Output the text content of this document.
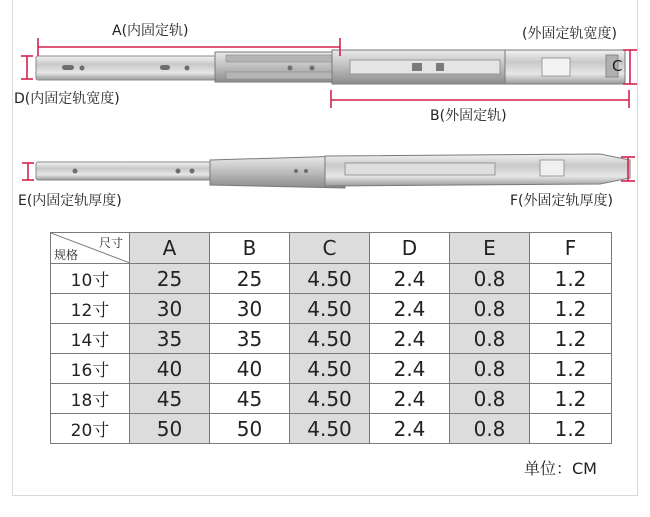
A(内固定轨)	(外固定轨宽度)
C
D(内固定轨宽度)
B(外固定轨)
E(内固定轨厚度)	F(外固定轨厚度)
尺寸
规格	A	B	C	D	E	F
10寸	25	25	4.50	2.4	0.8	1.2
12寸	30	30	4.50	2.4	0.8	1.2
14寸	35	35	4.50	2.4	0.8	1.2
16寸	40	40	4.50	2.4	0.8	1.2
18寸	45	45	4.50	2.4	0.8	1.2
20寸	50	50	4.50	2.4	0.8	1.2
单位：CM
